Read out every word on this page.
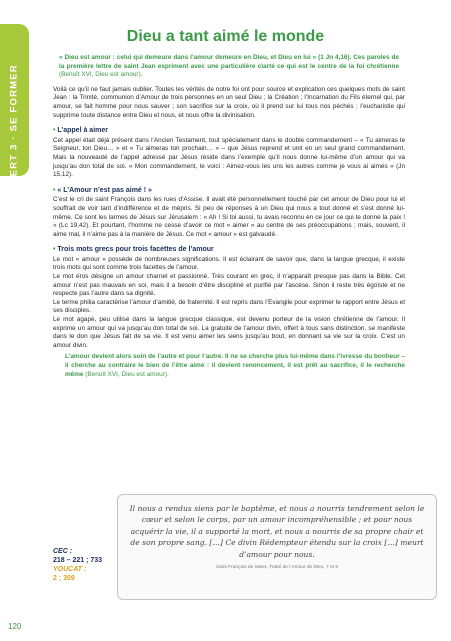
VERT 3 · SE FORMER
Dieu a tant aimé le monde

« Dieu est amour : celui qui demeure dans l’amour demeure en Dieu, et Dieu en lui » (1 Jn 4,16). Ces paroles de la première lettre de saint Jean expriment avec une particulière clarté ce qui est le centre de la foi chrétienne (Benoît XVI, Dieu est amour).

Voilà ce qu’il ne faut jamais oublier. Toutes les vérités de notre foi ont pour source et explication ces quelques mots de saint Jean : la Trinité, communion d’Amour de trois personnes en un seul Dieu ; la Création ; l’Incarnation du Fils éternel qui, par amour, se fait homme pour nous sauver ; son sacrifice sur la croix, où il prend sur lui tous nos péchés ; l’eucharistie qui supprime toute distance entre Dieu et nous, et nous offre la divinisation.

• L’appel à aimer

Cet appel était déjà présent dans l’Ancien Testament, tout spécialement dans le double commandement – « Tu aimeras le Seigneur, ton Dieu… » et « Tu aimeras ton prochain… » – que Jésus reprend et unit en un seul grand commandement. Mais la nouveauté de l’appel adressé par Jésus réside dans l’exemple qu’il nous donne lui-même d’un amour qui va jusqu’au don total de soi. « Mon commandement, le voici : Aimez-vous les uns les autres comme je vous ai aimés » (Jn 15,12).

• « L’Amour n’est pas aimé ! »

C’est le cri de saint François dans les rues d’Assise. Il avait été personnellement touché par cet amour de Dieu pour lui et souffrait de voir tant d’indifférence et de mépris. Si peu de réponses à un Dieu qui nous a tout donné et s’est donné lui-même. Ce sont les larmes de Jésus sur Jérusalem : « Ah ! Si toi aussi, tu avais reconnu en ce jour ce qui te donne la paix ! » (Lc 19,42). Et pourtant, l’homme ne cesse d’avoir ce mot « aimer » au centre de ses préoccupations ; mais, souvent, il aime mal, il n’aime pas à la manière de Jésus. Ce mot « amour » est galvaudé.

• Trois mots grecs pour trois facettes de l’amour

Le mot « amour » possède de nombreuses significations. Il est éclairant de savoir que, dans la langue grecque, il existe trois mots qui sont comme trois facettes de l’amour.

Le mot éros désigne un amour charnel et passionné. Très courant en grec, il n’apparaît presque pas dans la Bible. Cet amour n’est pas mauvais en soi, mais il a besoin d’être discipliné et purifié par l’ascèse. Sinon il reste très égoïste et ne respecte pas l’autre dans sa dignité.

Le terme philia caractérise l’amour d’amitié, de fraternité. Il est repris dans l’Evangile pour exprimer le rapport entre Jésus et ses disciples.

Le mot agapè, peu utilisé dans la langue grecque classique, est devenu porteur de la vision chrétienne de l’amour. Il exprime un amour qui va jusqu’au don total de soi. La gratuité de l’amour divin, offert à tous sans distinction, se manifeste dans le don que Jésus fait de sa vie. Il est venu aimer les siens jusqu’au bout, en donnant sa vie sur la croix. C’est un amour divin.

L’amour devient alors soin de l’autre et pour l’autre. Il ne se cherche plus lui-même dans l’ivresse du bonheur – il cherche au contraire le bien de l’être aimé : il devient renoncement, il est prêt au sacrifice, il le recherche même (Benoît XVI, Dieu est amour).

Il nous a rendus siens par le baptême, et nous a nourris tendrement selon le cœur et selon le corps, par un amour incompréhensible ; et pour nous acquérir la vie, il a supporté la mort, et nous a nourris de sa propre chair et de son propre sang. […] Ce divin Rédempteur étendu sur la croix […] meurt d’amour pour nous.

Saint François de Sales, Traité de l’Amour de Dieu, 7 et 8

CEC :
218 – 221 ; 733
YOUCAT :
2 ; 309
120
